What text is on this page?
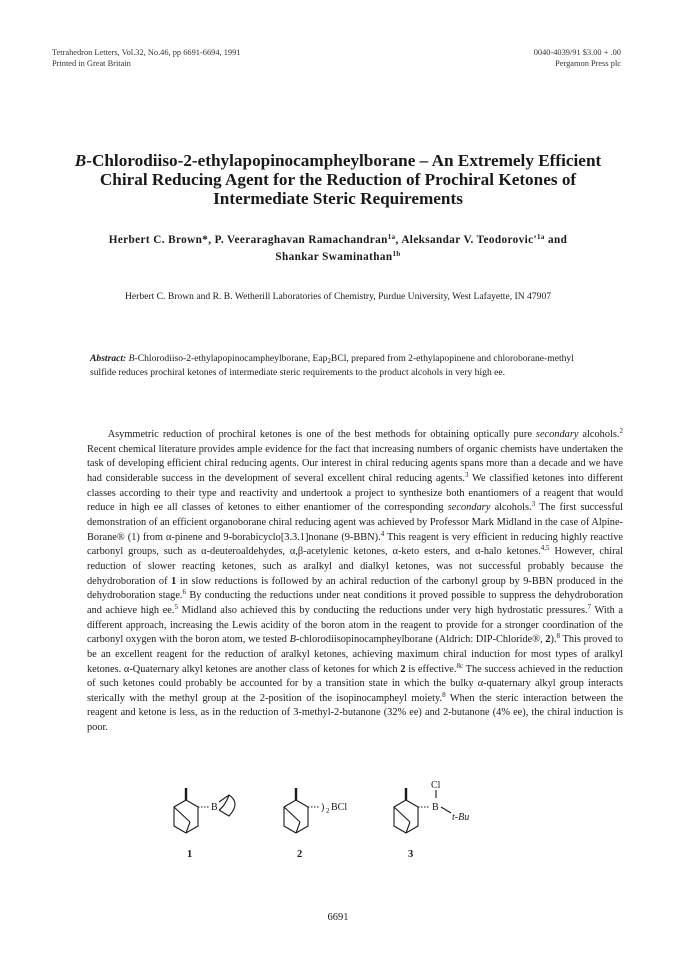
Tetrahedron Letters, Vol.32, No.46, pp 6691-6694, 1991
Printed in Great Britain
0040-4039/91 $3.00 + .00
Pergamon Press plc
B-Chlorodiiso-2-ethylapopinocampheylborane – An Extremely Efficient Chiral Reducing Agent for the Reduction of Prochiral Ketones of Intermediate Steric Requirements
Herbert C. Brown*, P. Veeraraghavan Ramachandran$^{1a}$, Aleksandar V. $Teodorovic'^{1a}$ and
Shankar Swaminathan$^{1b}$
Herbert C. Brown and R. B. Wetherill Laboratories of Chemistry, Purdue University, West Lafayette, IN 47907
Abstract: B-Chlorodiiso-2-ethylapopinocampheylborane, Eap$_2$BCl, prepared from 2-ethylapopinene and chloroborane-methyl sulfide reduces prochiral ketones of intermediate steric requirements to the product alcohols in very high ee.

  Asymmetric reduction of prochiral ketones is one of the best methods for obtaining optically pure secondary alcohols.$^2$ Recent chemical literature provides ample evidence for the fact that increasing numbers of organic chemists have undertaken the task of developing efficient chiral reducing agents. Our interest in chiral reducing agents spans more than a decade and we have had considerable success in the development of several excellent chiral reducing agents.$^3$ We classified ketones into different classes according to their type and reactivity and undertook a project to synthesize both enantiomers of a reagent that would reduce in high ee all classes of ketones to either enantiomer of the corresponding secondary alcohols.$^3$ The first successful demonstration of an efficient organoborane chiral reducing agent was achieved by Professor Mark Midland in the case of Alpine-Borane® (1) from α-pinene and 9-borabicyclo[3.3.1]nonane (9-BBN).$^4$ This reagent is very efficient in reducing highly reactive carbonyl groups, such as α-deuteroaldehydes, α,β-acetylenic ketones, α-keto esters, and α-halo ketones.$^{4,5}$ However, chiral reduction of slower reacting ketones, such as aralkyl and dialkyl ketones, was not successful probably because the dehydroboration of 1 in slow reductions is followed by an achiral reduction of the carbonyl group by 9-BBN produced in the dehydroboration stage.$^6$ By conducting the reductions under neat conditions it proved possible to suppress the dehydroboration and achieve high ee.$^5$ Midland also achieved this by conducting the reductions under very high hydrostatic pressures.$^7$ With a different approach, increasing the Lewis acidity of the boron atom in the reagent to provide for a stronger coordination of the carbonyl oxygen with the boron atom, we tested B-chlorodiisopinocampheylborane (Aldrich: DIP-Chloride®, 2).$^8$ This proved to be an excellent reagent for the reduction of aralkyl ketones, achieving maximum chiral induction for most types of aralkyl ketones. α-Quaternary alkyl ketones are another class of ketones for which 2 is effective.$^{8c}$ The success achieved in the reduction of such ketones could probably be accounted for by a transition state in which the bulky α-quaternary alkyl group interacts sterically with the methyl group at the 2-position of the isopinocampheyl moiety.$^8$ When the steric interaction between the reagent and ketone is less, as in the reduction of 3-methyl-2-butanone (32% ee) and 2-butanone (4% ee), the chiral induction is poor.

B	) 2 BCl
Cl
B
t-Bu
1	2	3
6691
